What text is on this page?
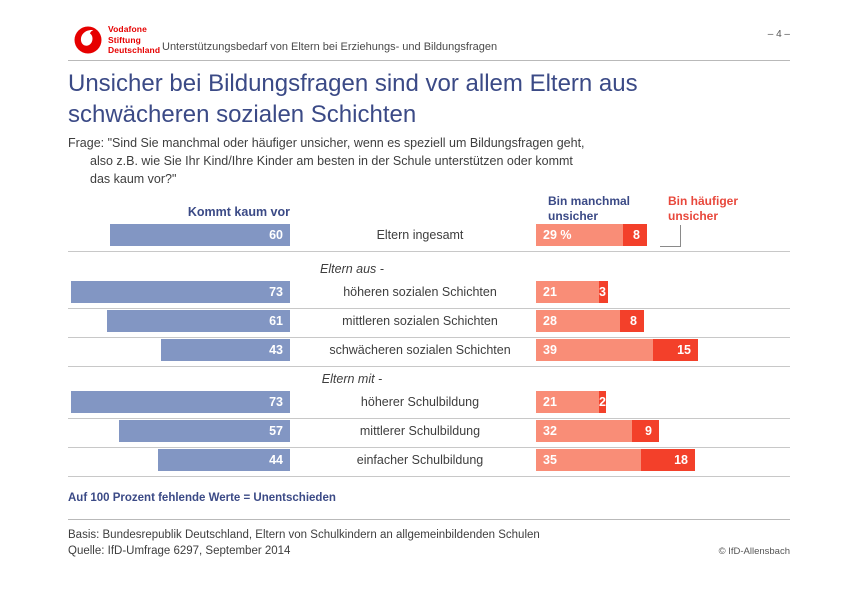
Vodafone
Stiftung
Deutschland Unterstützungsbedarf von Eltern bei Erziehungs- und Bildungsfragen
– 4 –
Unsicher bei Bildungsfragen sind vor allem Eltern aus schwächeren sozialen Schichten
Frage: "Sind Sie manchmal oder häufiger unsicher, wenn es speziell um Bildungsfragen geht,
also z.B. wie Sie Ihr Kind/Ihre Kinder am besten in der Schule unterstützen oder kommt
das kaum vor?"
Kommt kaum vor
Bin manchmal
unsicher
Bin häufiger
unsicher
60	Eltern ingesamt	29 %	8
Eltern aus -
73	höheren sozialen Schichten	21	3
61	mittleren sozialen Schichten	28	8
43	schwächeren sozialen Schichten	39	15
Eltern mit -
73	höherer Schulbildung	21	2
57	mittlerer Schulbildung	32	9
44	einfacher Schulbildung	35	18
Auf 100 Prozent fehlende Werte = Unentschieden
Basis: Bundesrepublik Deutschland, Eltern von Schulkindern an allgemeinbildenden Schulen
Quelle: IfD-Umfrage 6297, September 2014	© IfD-Allensbach
